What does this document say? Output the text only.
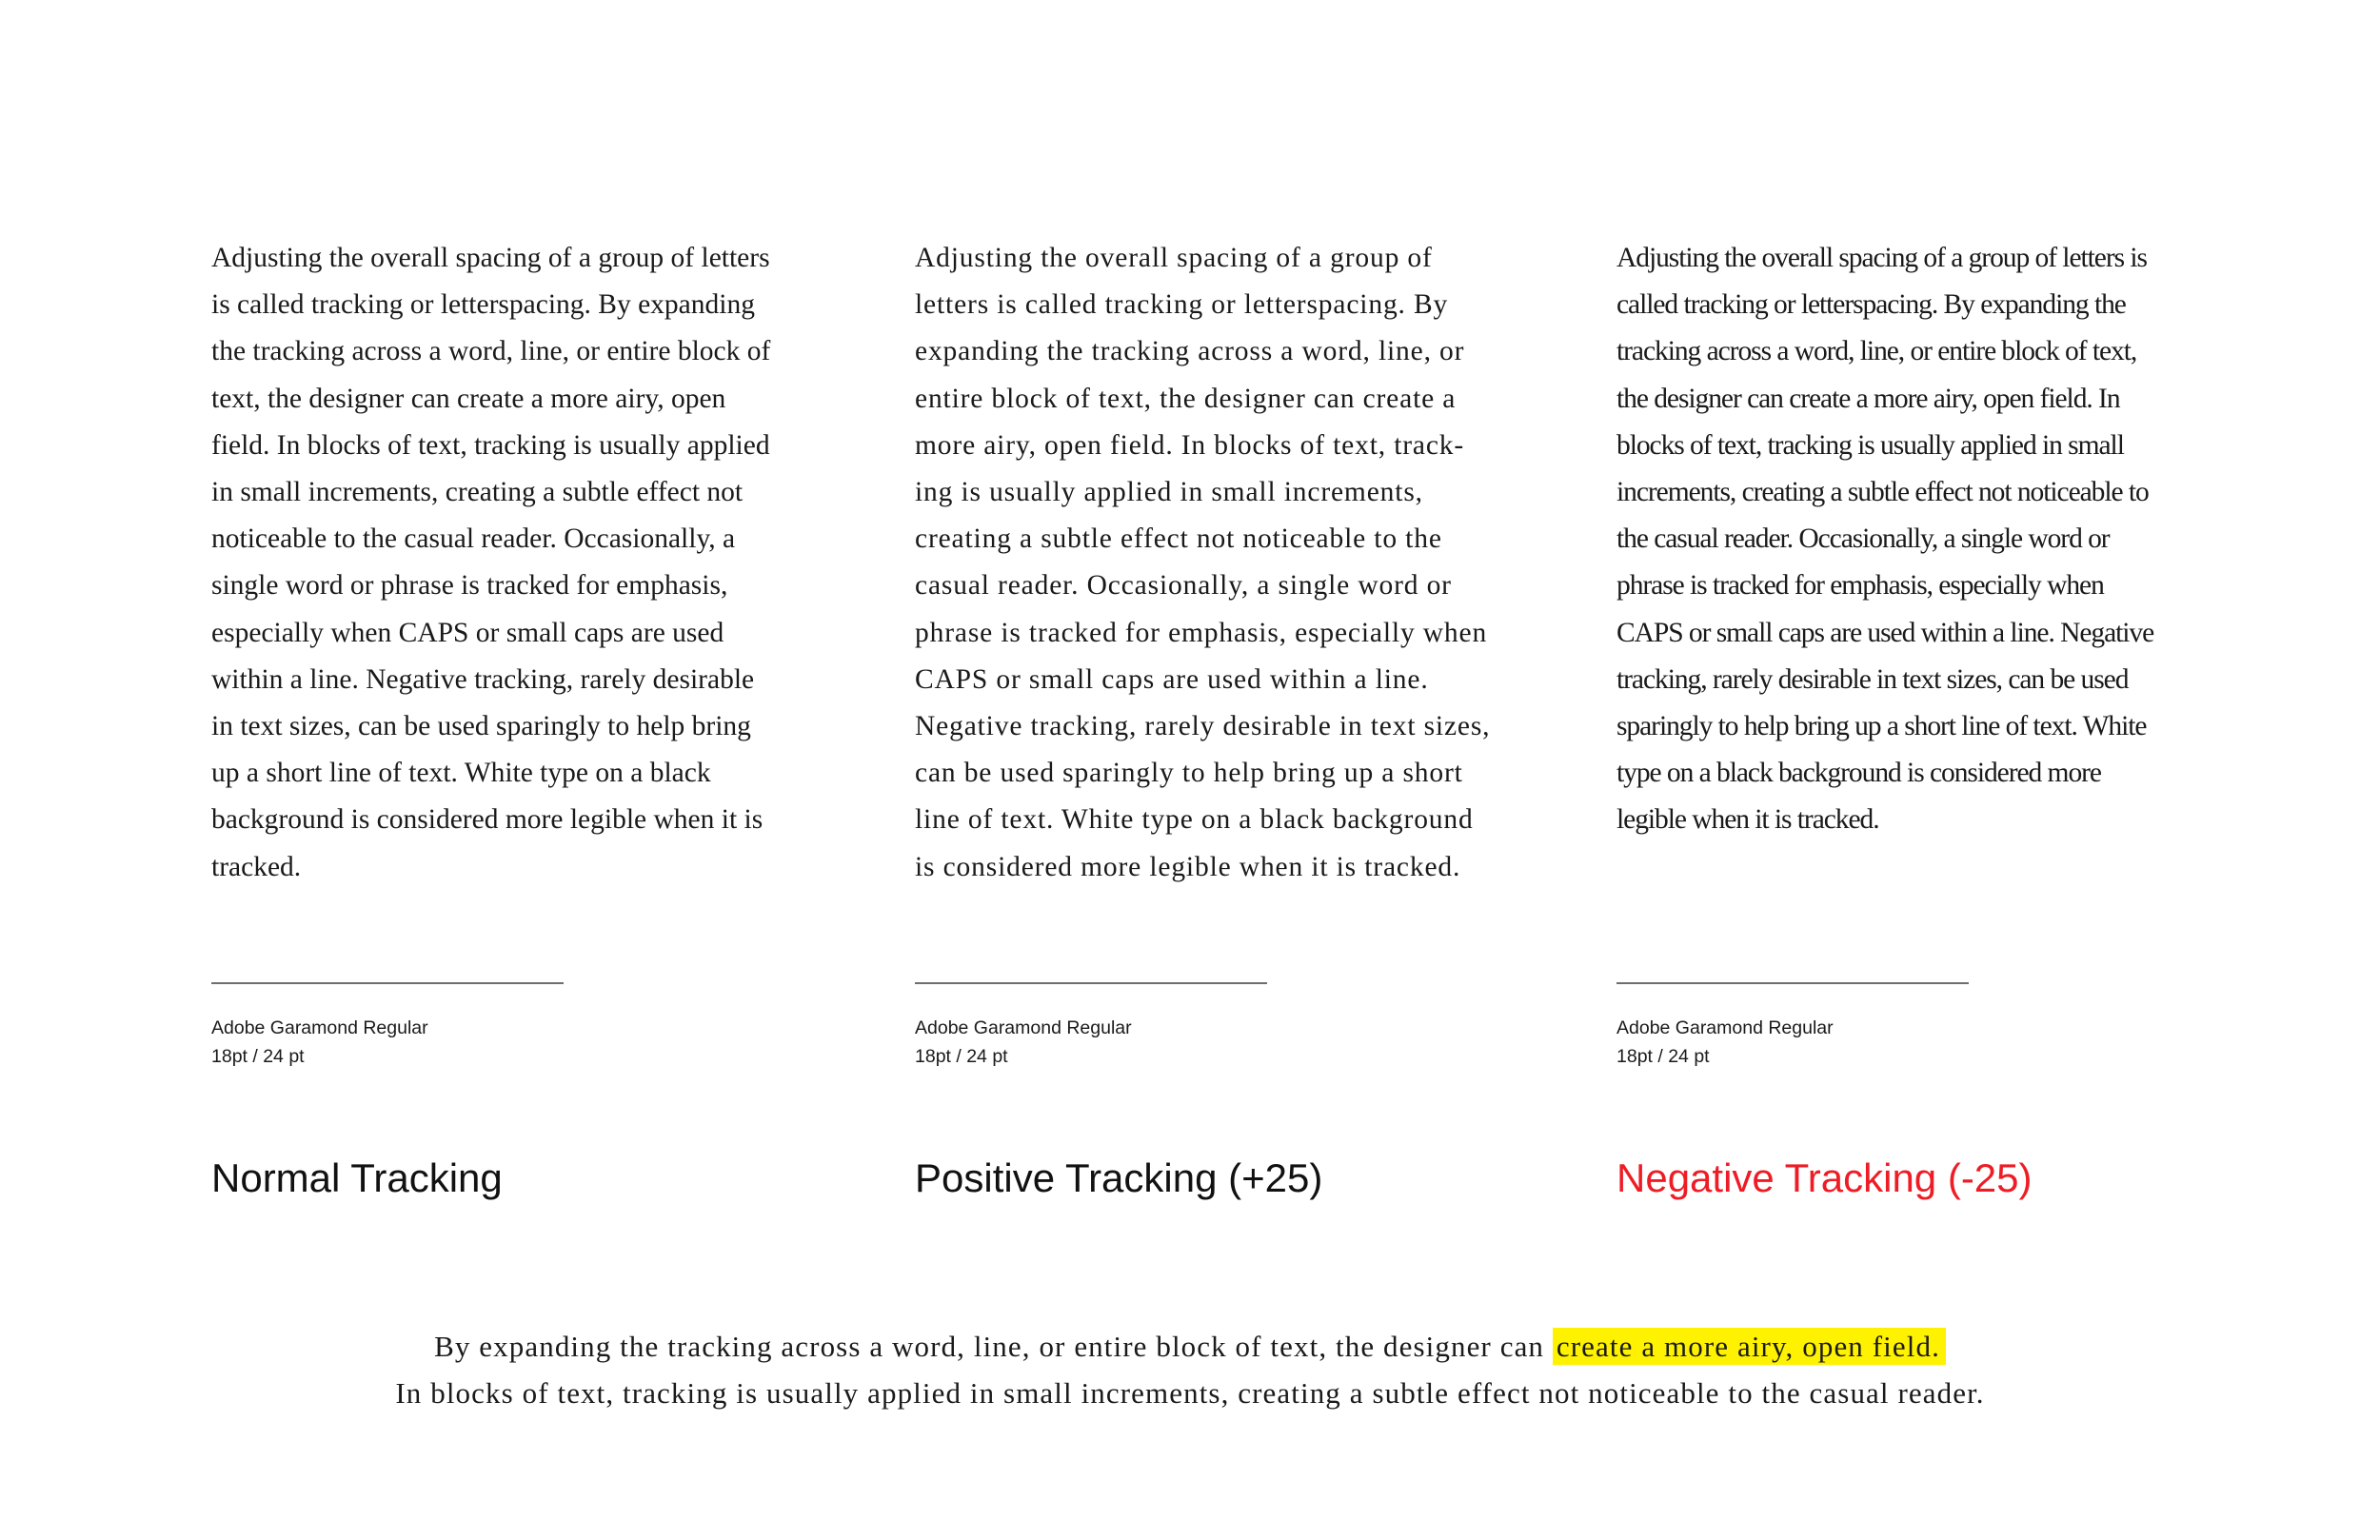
Adjusting the overall spacing of a group of letters
is called tracking or letterspacing. By expanding
the tracking across a word, line, or entire block of
text, the designer can create a more airy, open
field. In blocks of text, tracking is usually applied
in small increments, creating a subtle effect not
noticeable to the casual reader. Occasionally, a
single word or phrase is tracked for emphasis,
especially when CAPS or small caps are used
within a line. Negative tracking, rarely desirable
in text sizes, can be used sparingly to help bring
up a short line of text. White type on a black
background is considered more legible when it is
tracked.

Adobe Garamond Regular

18pt / 24 pt

Normal Tracking

Adjusting the overall spacing of a group of
letters is called tracking or letterspacing. By
expanding the tracking across a word, line, or
entire block of text, the designer can create a
more airy, open field. In blocks of text, track-
ing is usually applied in small increments,
creating a subtle effect not noticeable to the
casual reader. Occasionally, a single word or
phrase is tracked for emphasis, especially when
CAPS or small caps are used within a line.
Negative tracking, rarely desirable in text sizes,
can be used sparingly to help bring up a short
line of text. White type on a black background
is considered more legible when it is tracked.

Adobe Garamond Regular

18pt / 24 pt

Positive Tracking (+25)

Adjusting the overall spacing of a group of letters is
called tracking or letterspacing. By expanding the
tracking across a word, line, or entire block of text,
the designer can create a more airy, open field. In
blocks of text, tracking is usually applied in small
increments, creating a subtle effect not noticeable to
the casual reader. Occasionally, a single word or
phrase is tracked for emphasis, especially when
CAPS or small caps are used within a line. Negative
tracking, rarely desirable in text sizes, can be used
sparingly to help bring up a short line of text. White
type on a black background is considered more
legible when it is tracked.

Adobe Garamond Regular

18pt / 24 pt

Negative Tracking (-25)

By expanding the tracking across a word, line, or entire block of text, the designer can create a more airy, open field.
In blocks of text, tracking is usually applied in small increments, creating a subtle effect not noticeable to the casual reader.
